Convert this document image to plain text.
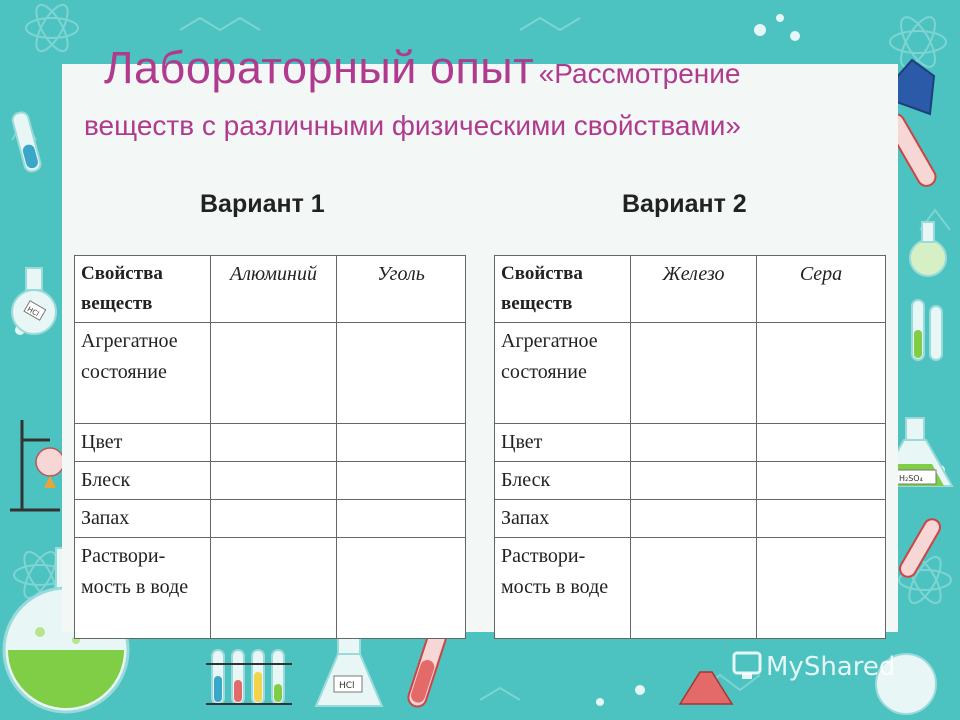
HCl
HCl
H₂SO₄
Лабораторный опыт «Рассмотрение
веществ с различными физическими свойствами»
Вариант 1	Вариант 2
Свойства веществ	Алюминий	Уголь
Агрегатное состояние		
Цвет		
Блеск		
Запах		
Раствори-мость в воде		
Свойства веществ	Железо	Сера
Агрегатное состояние		
Цвет		
Блеск		
Запах		
Раствори-мость в воде		
MyShared
